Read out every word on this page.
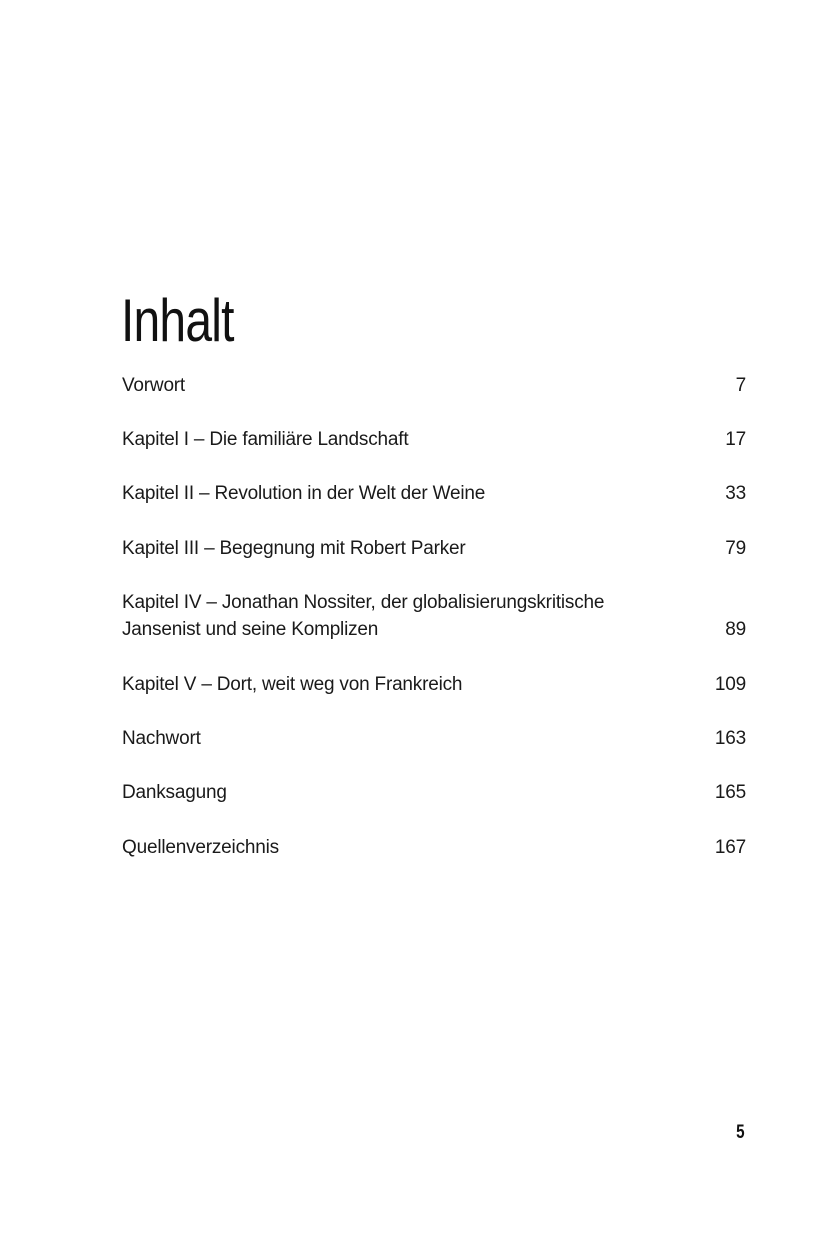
Inhalt
Vorwort	7
Kapitel I – Die familiäre Landschaft	17
Kapitel II – Revolution in der Welt der Weine	33
Kapitel III – Begegnung mit Robert Parker	79
Kapitel IV – Jonathan Nossiter, der globalisierungskritische Jansenist und seine Komplizen	89
Kapitel V – Dort, weit weg von Frankreich	109
Nachwort	163
Danksagung	165
Quellenverzeichnis	167
5
